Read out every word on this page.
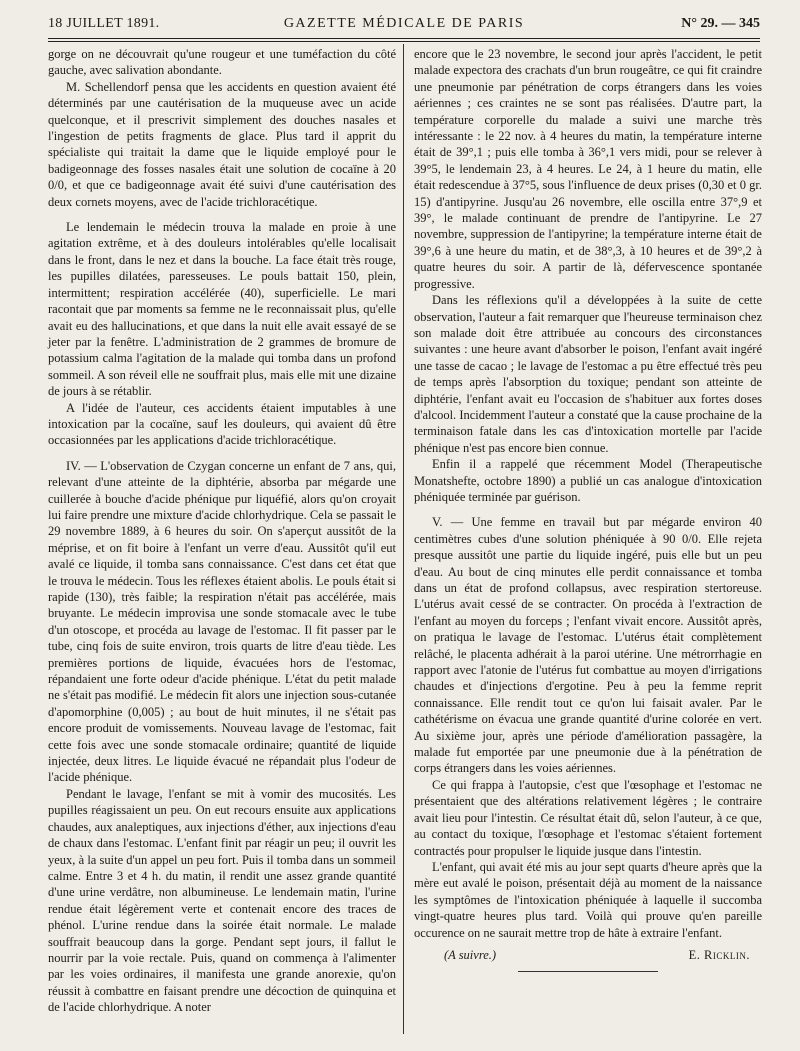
18 JUILLET 1891.	GAZETTE MÉDICALE DE PARIS	N° 29. — 345

gorge on ne découvrait qu'une rougeur et une tuméfaction du côté gauche, avec salivation abondante.

M. Schellendorf pensa que les accidents en question avaient été déterminés par une cautérisation de la muqueuse avec un acide quelconque, et il prescrivit simplement des douches nasales et l'ingestion de petits fragments de glace. Plus tard il apprit du spécialiste qui traitait la dame que le liquide employé pour le badigeonnage des fosses nasales était une solution de cocaïne à 20 0/0, et que ce badigeonnage avait été suivi d'une cautérisation des deux cornets moyens, avec de l'acide trichloracétique.

Le lendemain le médecin trouva la malade en proie à une agitation extrême, et à des douleurs intolérables qu'elle localisait dans le front, dans le nez et dans la bouche. La face était très rouge, les pupilles dilatées, paresseuses. Le pouls battait 150, plein, intermittent; respiration accélérée (40), superficielle. Le mari racontait que par moments sa femme ne le reconnaissait plus, qu'elle avait eu des hallucinations, et que dans la nuit elle avait essayé de se jeter par la fenêtre. L'administration de 2 grammes de bromure de potassium calma l'agitation de la malade qui tomba dans un profond sommeil. A son réveil elle ne souffrait plus, mais elle mit une dizaine de jours à se rétablir.

A l'idée de l'auteur, ces accidents étaient imputables à une intoxication par la cocaïne, sauf les douleurs, qui avaient dû être occasionnées par les applications d'acide trichloracétique.

IV. — L'observation de Czygan concerne un enfant de 7 ans, qui, relevant d'une atteinte de la diphtérie, absorba par mégarde une cuillerée à bouche d'acide phénique pur liquéfié, alors qu'on croyait lui faire prendre une mixture d'acide chlorhydrique. Cela se passait le 29 novembre 1889, à 6 heures du soir. On s'aperçut aussitôt de la méprise, et on fit boire à l'enfant un verre d'eau. Aussitôt qu'il eut avalé ce liquide, il tomba sans connaissance. C'est dans cet état que le trouva le médecin. Tous les réflexes étaient abolis. Le pouls était si rapide (130), très faible; la respiration n'était pas accélérée, mais bruyante. Le médecin improvisa une sonde stomacale avec le tube d'un otoscope, et procéda au lavage de l'estomac. Il fit passer par le tube, cinq fois de suite environ, trois quarts de litre d'eau tiède. Les premières portions de liquide, évacuées hors de l'estomac, répandaient une forte odeur d'acide phénique. L'état du petit malade ne s'était pas modifié. Le médecin fit alors une injection sous-cutanée d'apomorphine (0,005) ; au bout de huit minutes, il ne s'était pas encore produit de vomissements. Nouveau lavage de l'estomac, fait cette fois avec une sonde stomacale ordinaire; quantité de liquide injectée, deux litres. Le liquide évacué ne répandait plus l'odeur de l'acide phénique.

Pendant le lavage, l'enfant se mit à vomir des mucosités. Les pupilles réagissaient un peu. On eut recours ensuite aux applications chaudes, aux analeptiques, aux injections d'éther, aux injections d'eau de chaux dans l'estomac. L'enfant finit par réagir un peu; il ouvrit les yeux, à la suite d'un appel un peu fort. Puis il tomba dans un sommeil calme. Entre 3 et 4 h. du matin, il rendit une assez grande quantité d'une urine verdâtre, non albumineuse. Le lendemain matin, l'urine rendue était légèrement verte et contenait encore des traces de phénol. L'urine rendue dans la soirée était normale. Le malade souffrait beaucoup dans la gorge. Pendant sept jours, il fallut le nourrir par la voie rectale. Puis, quand on commença à l'alimenter par les voies ordinaires, il manifesta une grande anorexie, qu'on réussit à combattre en faisant prendre une décoction de quinquina et de l'acide chlorhydrique. A noter

encore que le 23 novembre, le second jour après l'accident, le petit malade expectora des crachats d'un brun rougeâtre, ce qui fit craindre une pneumonie par pénétration de corps étrangers dans les voies aériennes ; ces craintes ne se sont pas réalisées. D'autre part, la température corporelle du malade a suivi une marche très intéressante : le 22 nov. à 4 heures du matin, la température interne était de 39°,1 ; puis elle tomba à 36°,1 vers midi, pour se relever à 39°5, le lendemain 23, à 4 heures. Le 24, à 1 heure du matin, elle était redescendue à 37°5, sous l'influence de deux prises (0,30 et 0 gr. 15) d'antipyrine. Jusqu'au 26 novembre, elle oscilla entre 37°,9 et 39°, le malade continuant de prendre de l'antipyrine. Le 27 novembre, suppression de l'antipyrine; la température interne était de 39°,6 à une heure du matin, et de 38°,3, à 10 heures et de 39°,2 à quatre heures du soir. A partir de là, défervescence spontanée progressive.

Dans les réflexions qu'il a développées à la suite de cette observation, l'auteur a fait remarquer que l'heureuse terminaison chez son malade doit être attribuée au concours des circonstances suivantes : une heure avant d'absorber le poison, l'enfant avait ingéré une tasse de cacao ; le lavage de l'estomac a pu être effectué très peu de temps après l'absorption du toxique; pendant son atteinte de diphtérie, l'enfant avait eu l'occasion de s'habituer aux fortes doses d'alcool. Incidemment l'auteur a constaté que la cause prochaine de la terminaison fatale dans les cas d'intoxication mortelle par l'acide phénique n'est pas encore bien connue.

Enfin il a rappelé que récemment Model (Therapeutische Monatshefte, octobre 1890) a publié un cas analogue d'intoxication phéniquée terminée par guérison.

V. — Une femme en travail but par mégarde environ 40 centimètres cubes d'une solution phéniquée à 90 0/0. Elle rejeta presque aussitôt une partie du liquide ingéré, puis elle but un peu d'eau. Au bout de cinq minutes elle perdit connaissance et tomba dans un état de profond collapsus, avec respiration stertoreuse. L'utérus avait cessé de se contracter. On procéda à l'extraction de l'enfant au moyen du forceps ; l'enfant vivait encore. Aussitôt après, on pratiqua le lavage de l'estomac. L'utérus était complètement relâché, le placenta adhérait à la paroi utérine. Une métrorrhagie en rapport avec l'atonie de l'utérus fut combattue au moyen d'irrigations chaudes et d'injections d'ergotine. Peu à peu la femme reprit connaissance. Elle rendit tout ce qu'on lui faisait avaler. Par le cathétérisme on évacua une grande quantité d'urine colorée en vert. Au sixième jour, après une période d'amélioration passagère, la malade fut emportée par une pneumonie due à la pénétration de corps étrangers dans les voies aériennes.

Ce qui frappa à l'autopsie, c'est que l'œsophage et l'estomac ne présentaient que des altérations relativement légères ; le contraire avait lieu pour l'intestin. Ce résultat était dû, selon l'auteur, à ce que, au contact du toxique, l'œsophage et l'estomac s'étaient fortement contractés pour propulser le liquide jusque dans l'intestin.

L'enfant, qui avait été mis au jour sept quarts d'heure après que la mère eut avalé le poison, présentait déjà au moment de la naissance les symptômes de l'intoxication phéniquée à laquelle il succomba vingt-quatre heures plus tard. Voilà qui prouve qu'en pareille occurence on ne saurait mettre trop de hâte à extraire l'enfant.

(A suivre.)	E. Ricklin.
